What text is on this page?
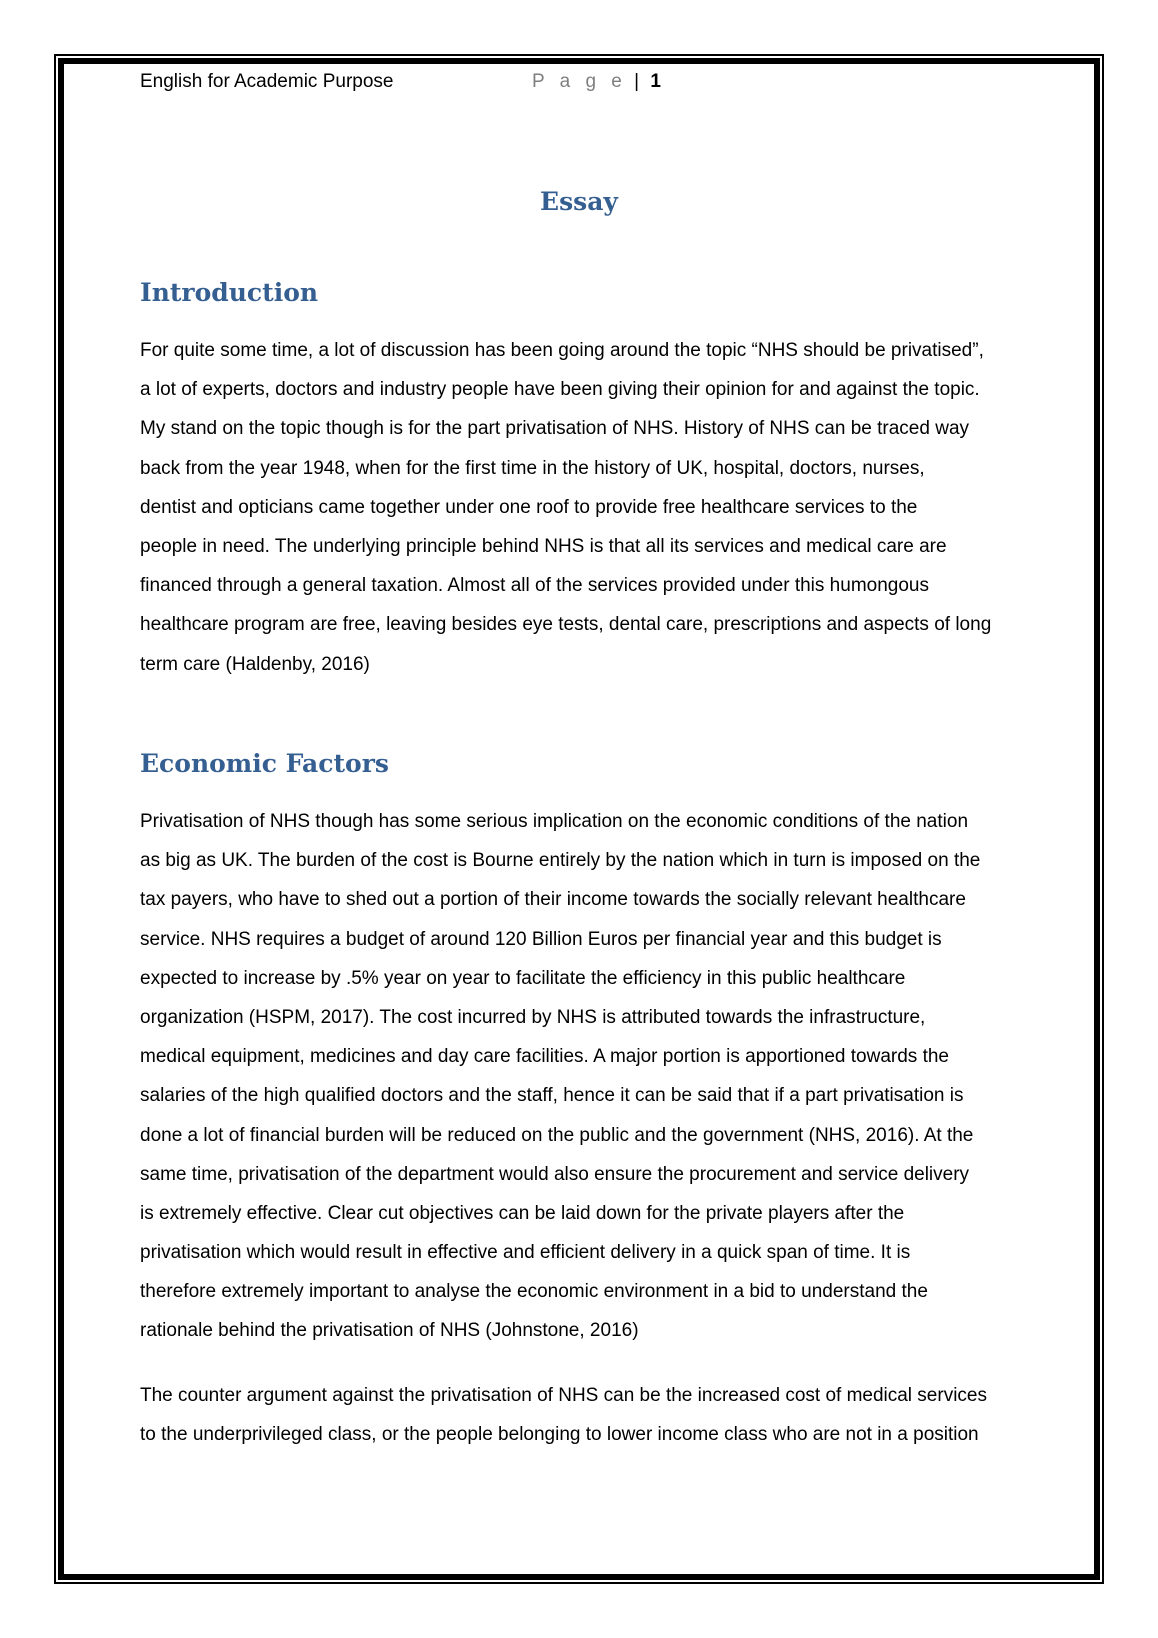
English for Academic Purpose	P a g e | 1
Essay
Introduction
For quite some time, a lot of discussion has been going around the topic “NHS should be privatised”,
a lot of experts, doctors and industry people have been giving their opinion for and against the topic.
My stand on the topic though is for the part privatisation of NHS. History of NHS can be traced way
back from the year 1948, when for the first time in the history of UK, hospital, doctors, nurses,
dentist and opticians came together under one roof to provide free healthcare services to the
people in need. The underlying principle behind NHS is that all its services and medical care are
financed through a general taxation. Almost all of the services provided under this humongous
healthcare program are free, leaving besides eye tests, dental care, prescriptions and aspects of long
term care (Haldenby, 2016)
Economic Factors
Privatisation of NHS though has some serious implication on the economic conditions of the nation
as big as UK. The burden of the cost is Bourne entirely by the nation which in turn is imposed on the
tax payers, who have to shed out a portion of their income towards the socially relevant healthcare
service. NHS requires a budget of around 120 Billion Euros per financial year and this budget is
expected to increase by .5% year on year to facilitate the efficiency in this public healthcare
organization (HSPM, 2017). The cost incurred by NHS is attributed towards the infrastructure,
medical equipment, medicines and day care facilities. A major portion is apportioned towards the
salaries of the high qualified doctors and the staff, hence it can be said that if a part privatisation is
done a lot of financial burden will be reduced on the public and the government (NHS, 2016). At the
same time, privatisation of the department would also ensure the procurement and service delivery
is extremely effective. Clear cut objectives can be laid down for the private players after the
privatisation which would result in effective and efficient delivery in a quick span of time. It is
therefore extremely important to analyse the economic environment in a bid to understand the
rationale behind the privatisation of NHS (Johnstone, 2016)
The counter argument against the privatisation of NHS can be the increased cost of medical services
to the underprivileged class, or the people belonging to lower income class who are not in a position
